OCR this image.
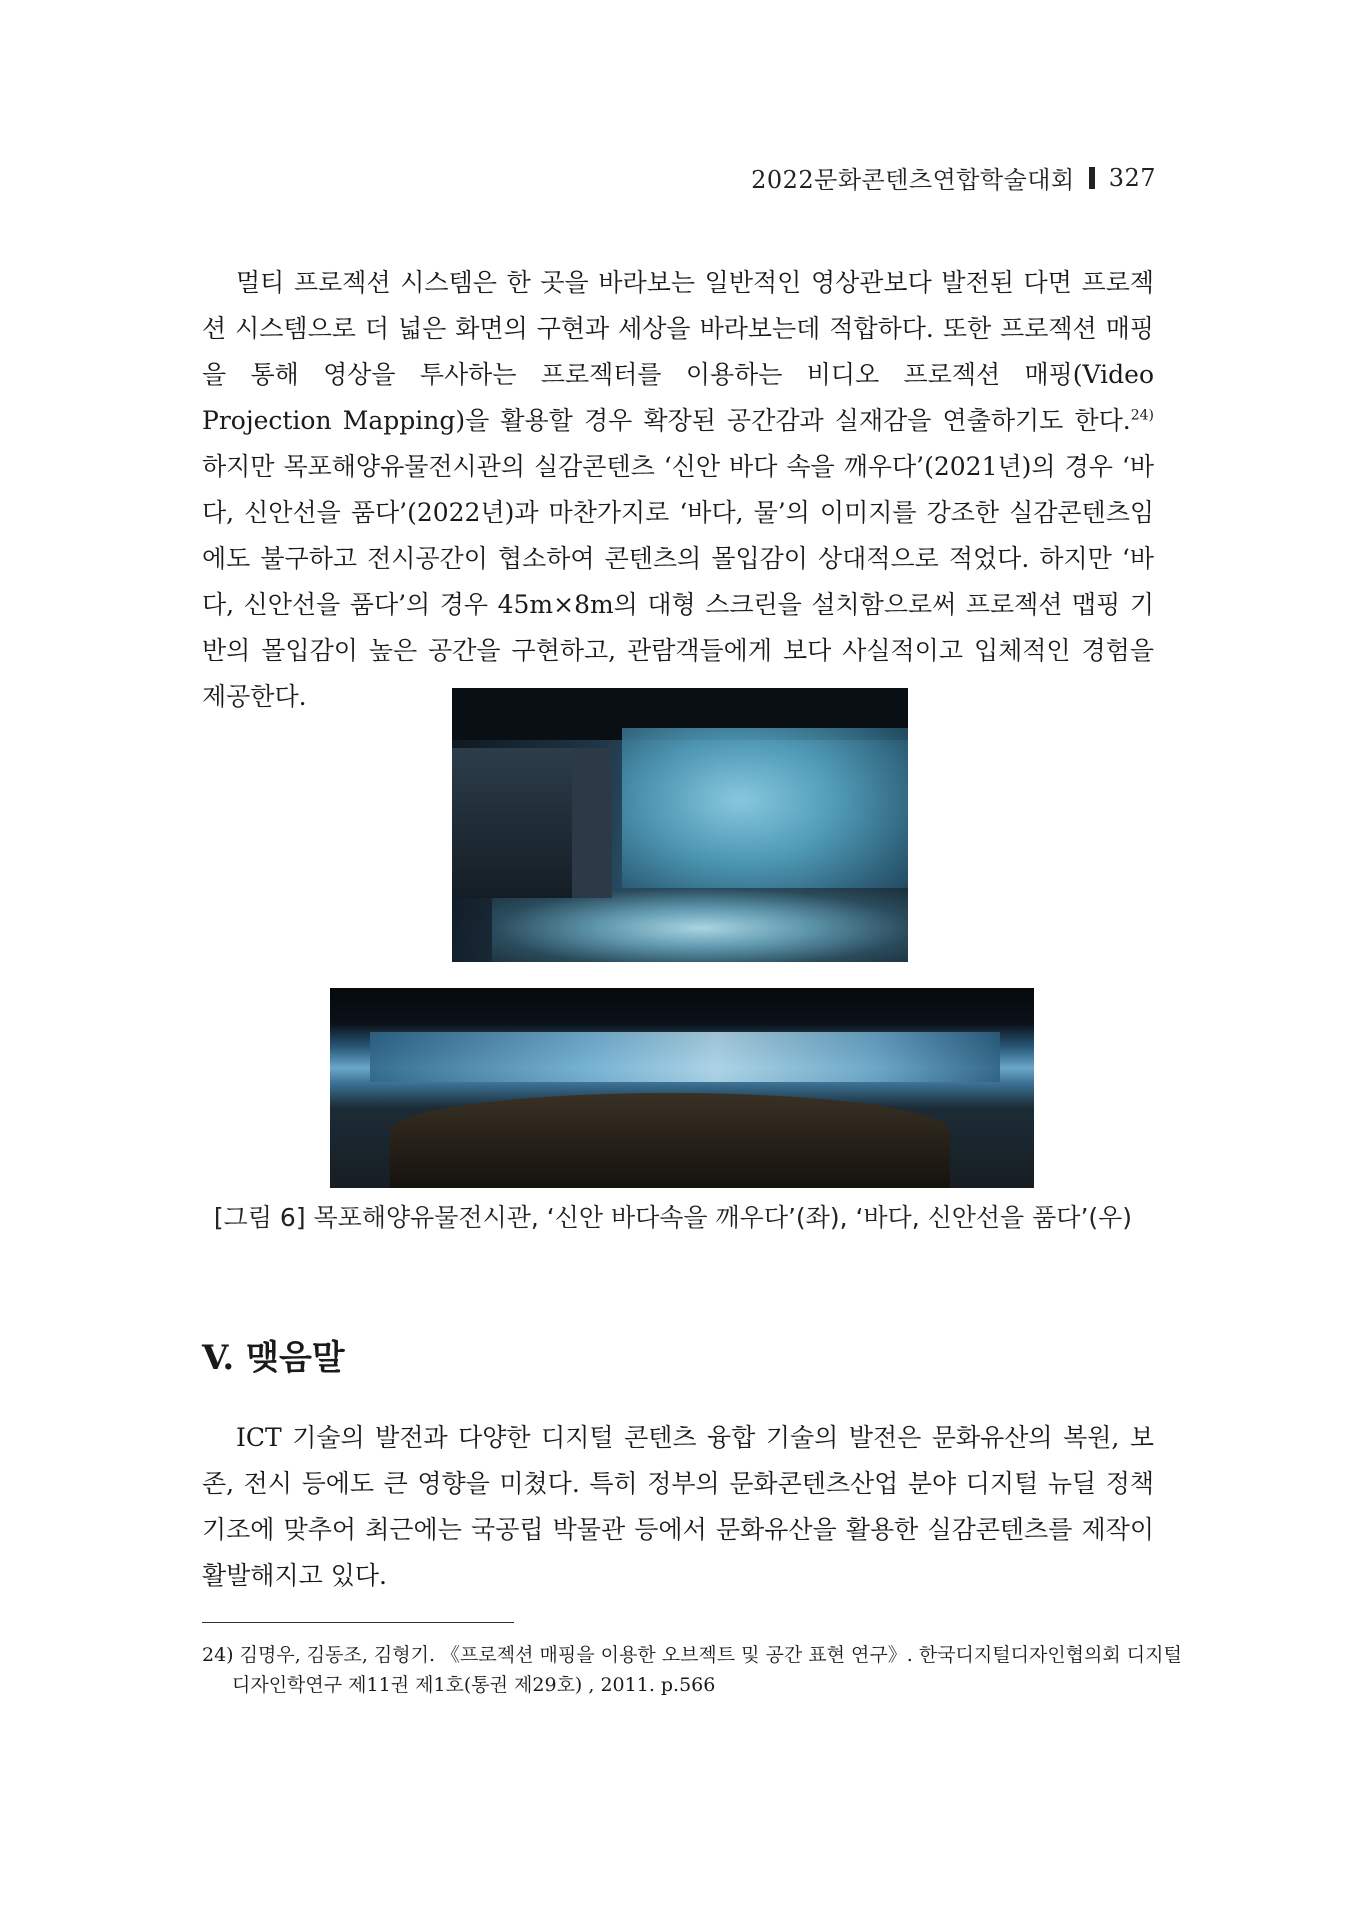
2022문화콘텐츠연합학술대회 327

멀티 프로젝션 시스템은 한 곳을 바라보는 일반적인 영상관보다 발전된 다면 프로젝션 시스템으로 더 넓은 화면의 구현과 세상을 바라보는데 적합하다. 또한 프로젝션 매핑을 통해 영상을 투사하는 프로젝터를 이용하는 비디오 프로젝션 매핑(Video Projection Mapping)을 활용할 경우 확장된 공간감과 실재감을 연출하기도 한다.$^{24)}$ 하지만 목포해양유물전시관의 실감콘텐츠 ‘신안 바다 속을 깨우다’(2021년)의 경우 ‘바다, 신안선을 품다’(2022년)과 마찬가지로 ‘바다, 물’의 이미지를 강조한 실감콘텐츠임에도 불구하고 전시공간이 협소하여 콘텐츠의 몰입감이 상대적으로 적었다. 하지만 ‘바다, 신안선을 품다’의 경우 45m×8m의 대형 스크린을 설치함으로써 프로젝션 맵핑 기반의 몰입감이 높은 공간을 구현하고, 관람객들에게 보다 사실적이고 입체적인 경험을 제공한다.

[그림 6] 목포해양유물전시관, ‘신안 바다속을 깨우다’(좌), ‘바다, 신안선을 품다’(우)
V. 맺음말

ICT 기술의 발전과 다양한 디지털 콘텐츠 융합 기술의 발전은 문화유산의 복원, 보존, 전시 등에도 큰 영향을 미쳤다. 특히 정부의 문화콘텐츠산업 분야 디지털 뉴딜 정책 기조에 맞추어 최근에는 국공립 박물관 등에서 문화유산을 활용한 실감콘텐츠를 제작이 활발해지고 있다.

24) 김명우, 김동조, 김형기. 《프로젝션 매핑을 이용한 오브젝트 및 공간 표현 연구》. 한국디지털디자인협의회 디지털디자인학연구 제11권 제1호(통권 제29호) , 2011. p.566
